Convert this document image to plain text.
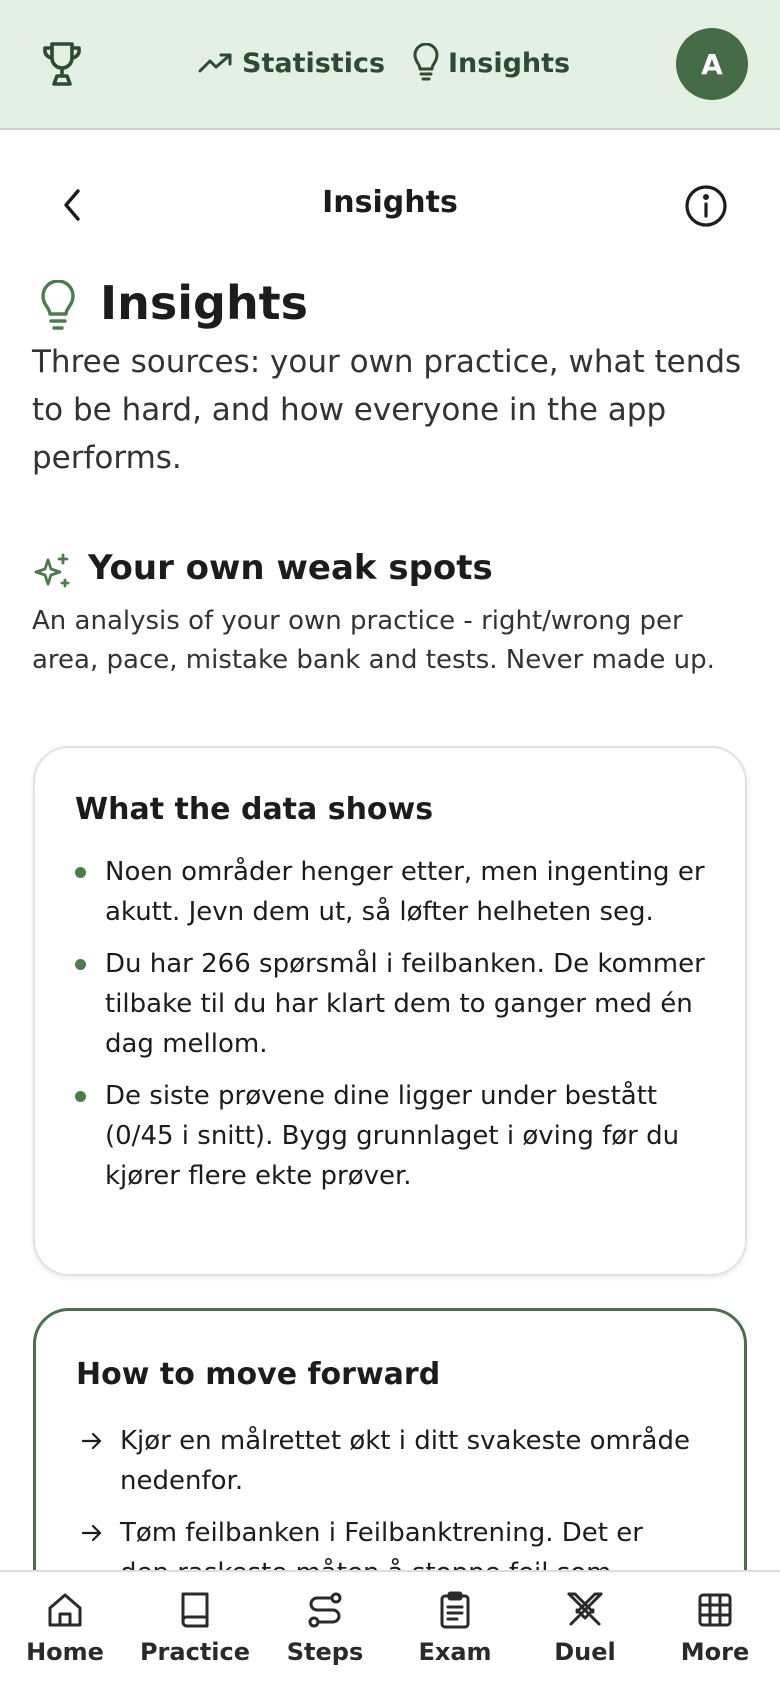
Statistics Insights	A
Insights
Insights

Three sources: your own practice, what tends to be hard, and how everyone in the app performs.

Your own weak spots

An analysis of your own practice - right/wrong per area, pace, mistake bank and tests. Never made up.

What the data shows
Noen områder henger etter, men ingenting er akutt. Jevn dem ut, så løfter helheten seg.
Du har 266 spørsmål i feilbanken. De kommer tilbake til du har klart dem to ganger med én dag mellom.
De siste prøvene dine ligger under bestått (0/45 i snitt). Bygg grunnlaget i øving før du kjører flere ekte prøver.
How to move forward
Kjør en målrettet økt i ditt svakeste område nedenfor.
Tøm feilbanken i Feilbanktrening. Det er
Home Practice Steps Exam	Duel	More
